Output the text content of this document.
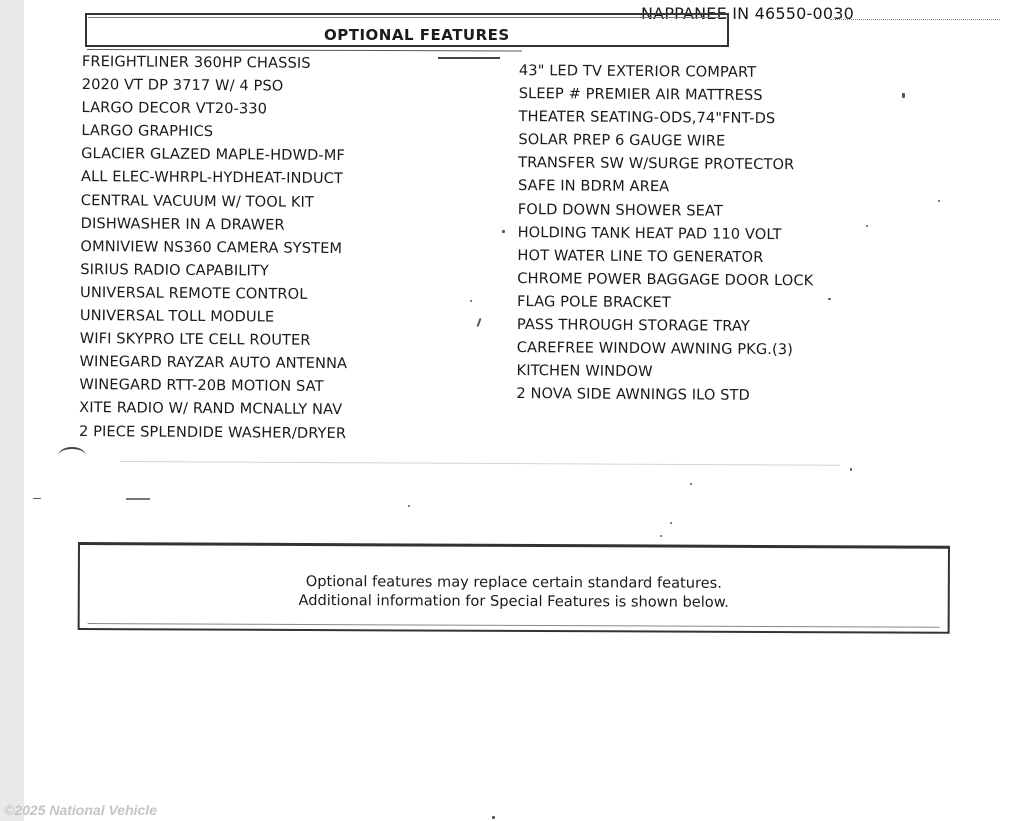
NAPPANEE IN 46550-0030
OPTIONAL FEATURES
FREIGHTLINER 360HP CHASSIS
2020 VT DP 3717 W/ 4 PSO
LARGO DECOR VT20-330
LARGO GRAPHICS
GLACIER GLAZED MAPLE-HDWD-MF
ALL ELEC-WHRPL-HYDHEAT-INDUCT
CENTRAL VACUUM W/ TOOL KIT
DISHWASHER IN A DRAWER
OMNIVIEW NS360 CAMERA SYSTEM
SIRIUS RADIO CAPABILITY
UNIVERSAL REMOTE CONTROL
UNIVERSAL TOLL MODULE
WIFI SKYPRO LTE CELL ROUTER
WINEGARD RAYZAR AUTO ANTENNA
WINEGARD RTT-20B MOTION SAT
XITE RADIO W/ RAND MCNALLY NAV
2 PIECE SPLENDIDE WASHER/DRYER
43" LED TV EXTERIOR COMPART
SLEEP # PREMIER AIR MATTRESS
THEATER SEATING-ODS,74"FNT-DS
SOLAR PREP 6 GAUGE WIRE
TRANSFER SW W/SURGE PROTECTOR
SAFE IN BDRM AREA
FOLD DOWN SHOWER SEAT
HOLDING TANK HEAT PAD 110 VOLT
HOT WATER LINE TO GENERATOR
CHROME POWER BAGGAGE DOOR LOCK
FLAG POLE BRACKET
PASS THROUGH STORAGE TRAY
CAREFREE WINDOW AWNING PKG.(3)
KITCHEN WINDOW
2 NOVA SIDE AWNINGS ILO STD
Optional features may replace certain standard features.
Additional information for Special Features is shown below.
©2025 National Vehicle
